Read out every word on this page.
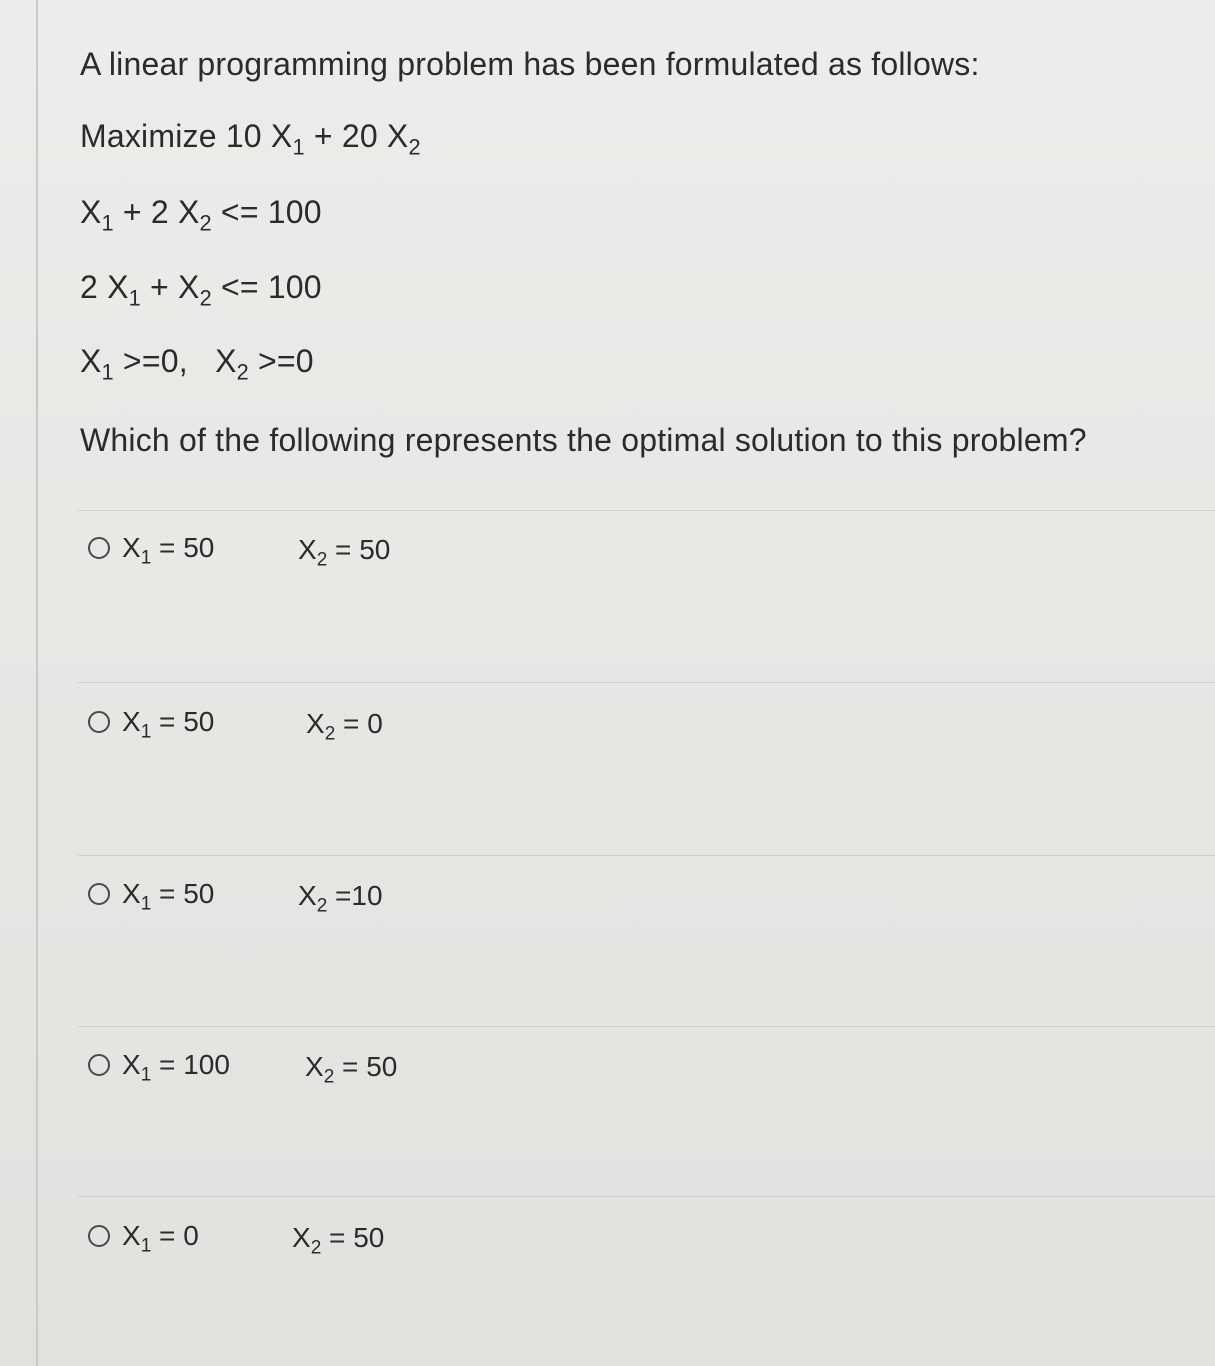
A linear programming problem has been formulated as follows:
Maximize 10 $X_1 + 20$ $X_2$
$X_1 + 2$ $X_2 <= 100$
2 $X_1 + X_2 <= 100$
$X_1 >=0$,   $X_2 >=0$
Which of the following represents the optimal solution to this problem?
$X_1 = 50$	$X_2 = 50$
$X_1 = 50$	$X_2 = 0$
$X_1 = 50$	$X_2 =10$
$X_1 = 100$	$X_2 = 50$
$X_1 = 0$	$X_2 = 50$
